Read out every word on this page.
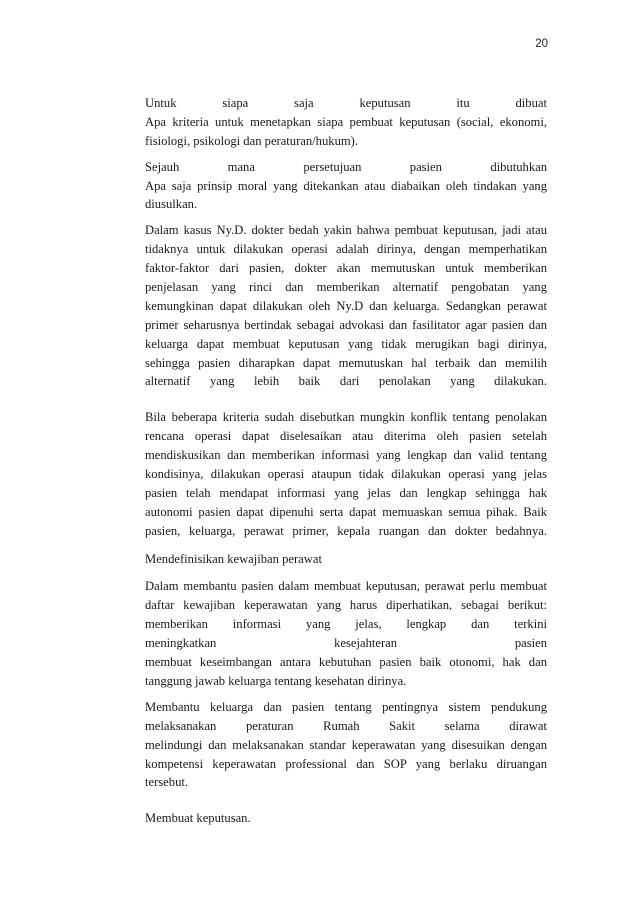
20
Untuk siapa saja keputusan itu dibuat
Apa kriteria untuk menetapkan siapa pembuat keputusan (social, ekonomi,
fisiologi, psikologi dan peraturan/hukum).
Sejauh mana persetujuan pasien dibutuhkan
Apa saja prinsip moral yang ditekankan atau diabaikan oleh tindakan yang
diusulkan.
Dalam kasus Ny.D. dokter bedah yakin bahwa pembuat keputusan, jadi atau
tidaknya untuk dilakukan operasi adalah dirinya, dengan memperhatikan
faktor-faktor dari pasien, dokter akan memutuskan untuk memberikan
penjelasan yang rinci dan memberikan alternatif pengobatan yang
kemungkinan dapat dilakukan oleh Ny.D dan keluarga. Sedangkan perawat
primer seharusnya bertindak sebagai advokasi dan fasilitator agar pasien dan
keluarga dapat membuat keputusan yang tidak merugikan bagi dirinya,
sehingga pasien diharapkan dapat memutuskan hal terbaik dan memilih
alternatif yang lebih baik dari penolakan yang dilakukan.
Bila beberapa kriteria sudah disebutkan mungkin konflik tentang penolakan
rencana operasi dapat diselesaikan atau diterima oleh pasien setelah
mendiskusikan dan memberikan informasi yang lengkap dan valid tentang
kondisinya, dilakukan operasi ataupun tidak dilakukan operasi yang jelas
pasien telah mendapat informasi yang jelas dan lengkap sehingga hak
autonomi pasien dapat dipenuhi serta dapat memuaskan semua pihak. Baik
pasien, keluarga, perawat primer, kepala ruangan dan dokter bedahnya.
Mendefinisikan kewajiban perawat
Dalam membantu pasien dalam membuat keputusan, perawat perlu membuat
daftar kewajiban keperawatan yang harus diperhatikan, sebagai berikut:
memberikan informasi yang jelas, lengkap dan terkini
meningkatkan kesejahteran pasien
membuat keseimbangan antara kebutuhan pasien baik otonomi, hak dan
tanggung jawab keluarga tentang kesehatan dirinya.
Membantu keluarga dan pasien tentang pentingnya sistem pendukung
melaksanakan peraturan Rumah Sakit selama dirawat
melindungi dan melaksanakan standar keperawatan yang disesuikan dengan
kompetensi keperawatan professional dan SOP yang berlaku diruangan
tersebut.
Membuat keputusan.
